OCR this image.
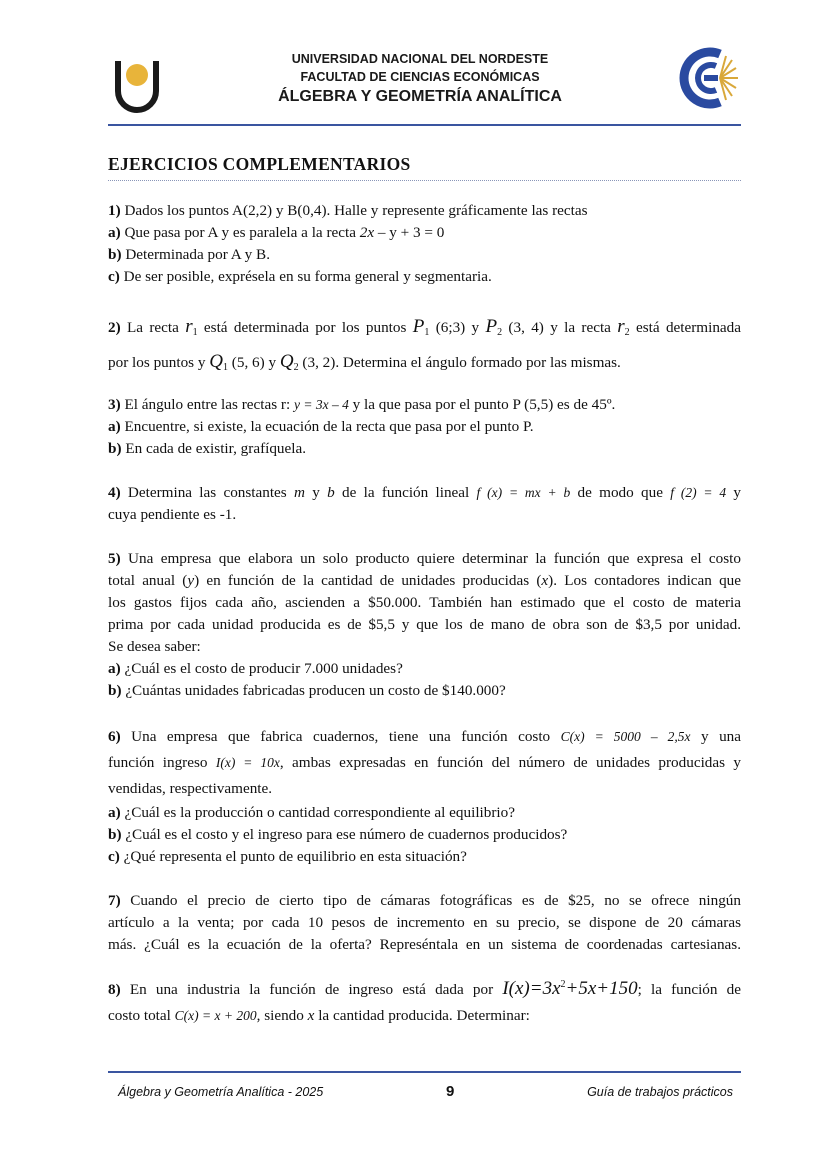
UNIVERSIDAD NACIONAL DEL NORDESTE
FACULTAD DE CIENCIAS ECONÓMICAS
ÁLGEBRA Y GEOMETRÍA ANALÍTICA
EJERCICIOS COMPLEMENTARIOS

1) Dados los puntos A(2,2) y B(0,4). Halle y represente gráficamente las rectas

a) Que pasa por A y es paralela a la recta 2x – y + 3 = 0

b) Determinada por A y B.

c) De ser posible, exprésela en su forma general y segmentaria.

2) La recta $r_1$ está determinada por los puntos $P_1$ (6;3) y $P_2$ (3, 4) y la recta $r_2$ está determinada

por los puntos y $Q_1$ (5, 6) y $Q_2$ (3, 2). Determina el ángulo formado por las mismas.

3) El ángulo entre las rectas r: y = 3x – 4 y la que pasa por el punto P (5,5) es de 45º.

a) Encuentre, si existe, la ecuación de la recta que pasa por el punto P.

b) En cada de existir, grafíquela.

4) Determina las constantes m y b de la función lineal f (x) = mx + b de modo que f (2) = 4 y

cuya pendiente es -1.

5) Una empresa que elabora un solo producto quiere determinar la función que expresa el costo

total anual (y) en función de la cantidad de unidades producidas (x). Los contadores indican que

los gastos fijos cada año, ascienden a $50.000. También han estimado que el costo de materia

prima por cada unidad producida es de $5,5 y que los de mano de obra son de $3,5 por unidad.

Se desea saber:

a) ¿Cuál es el costo de producir 7.000 unidades?

b) ¿Cuántas unidades fabricadas producen un costo de $140.000?

6) Una empresa que fabrica cuadernos, tiene una función costo C(x) = 5000 – 2,5x y una

función ingreso I(x) = 10x, ambas expresadas en función del número de unidades producidas y

vendidas, respectivamente.

a) ¿Cuál es la producción o cantidad correspondiente al equilibrio?

b) ¿Cuál es el costo y el ingreso para ese número de cuadernos producidos?

c) ¿Qué representa el punto de equilibrio en esta situación?

7) Cuando el precio de cierto tipo de cámaras fotográficas es de $25, no se ofrece ningún

artículo a la venta; por cada 10 pesos de incremento en su precio, se dispone de 20 cámaras

más. ¿Cuál es la ecuación de la oferta? Represéntala en un sistema de coordenadas cartesianas.

8) En una industria la función de ingreso está dada por $I(x)=3x^2+5x+150$; la función de

costo total C(x) = x + 200, siendo x la cantidad producida. Determinar:

Álgebra y Geometría Analítica - 2025	9	Guía de trabajos prácticos
